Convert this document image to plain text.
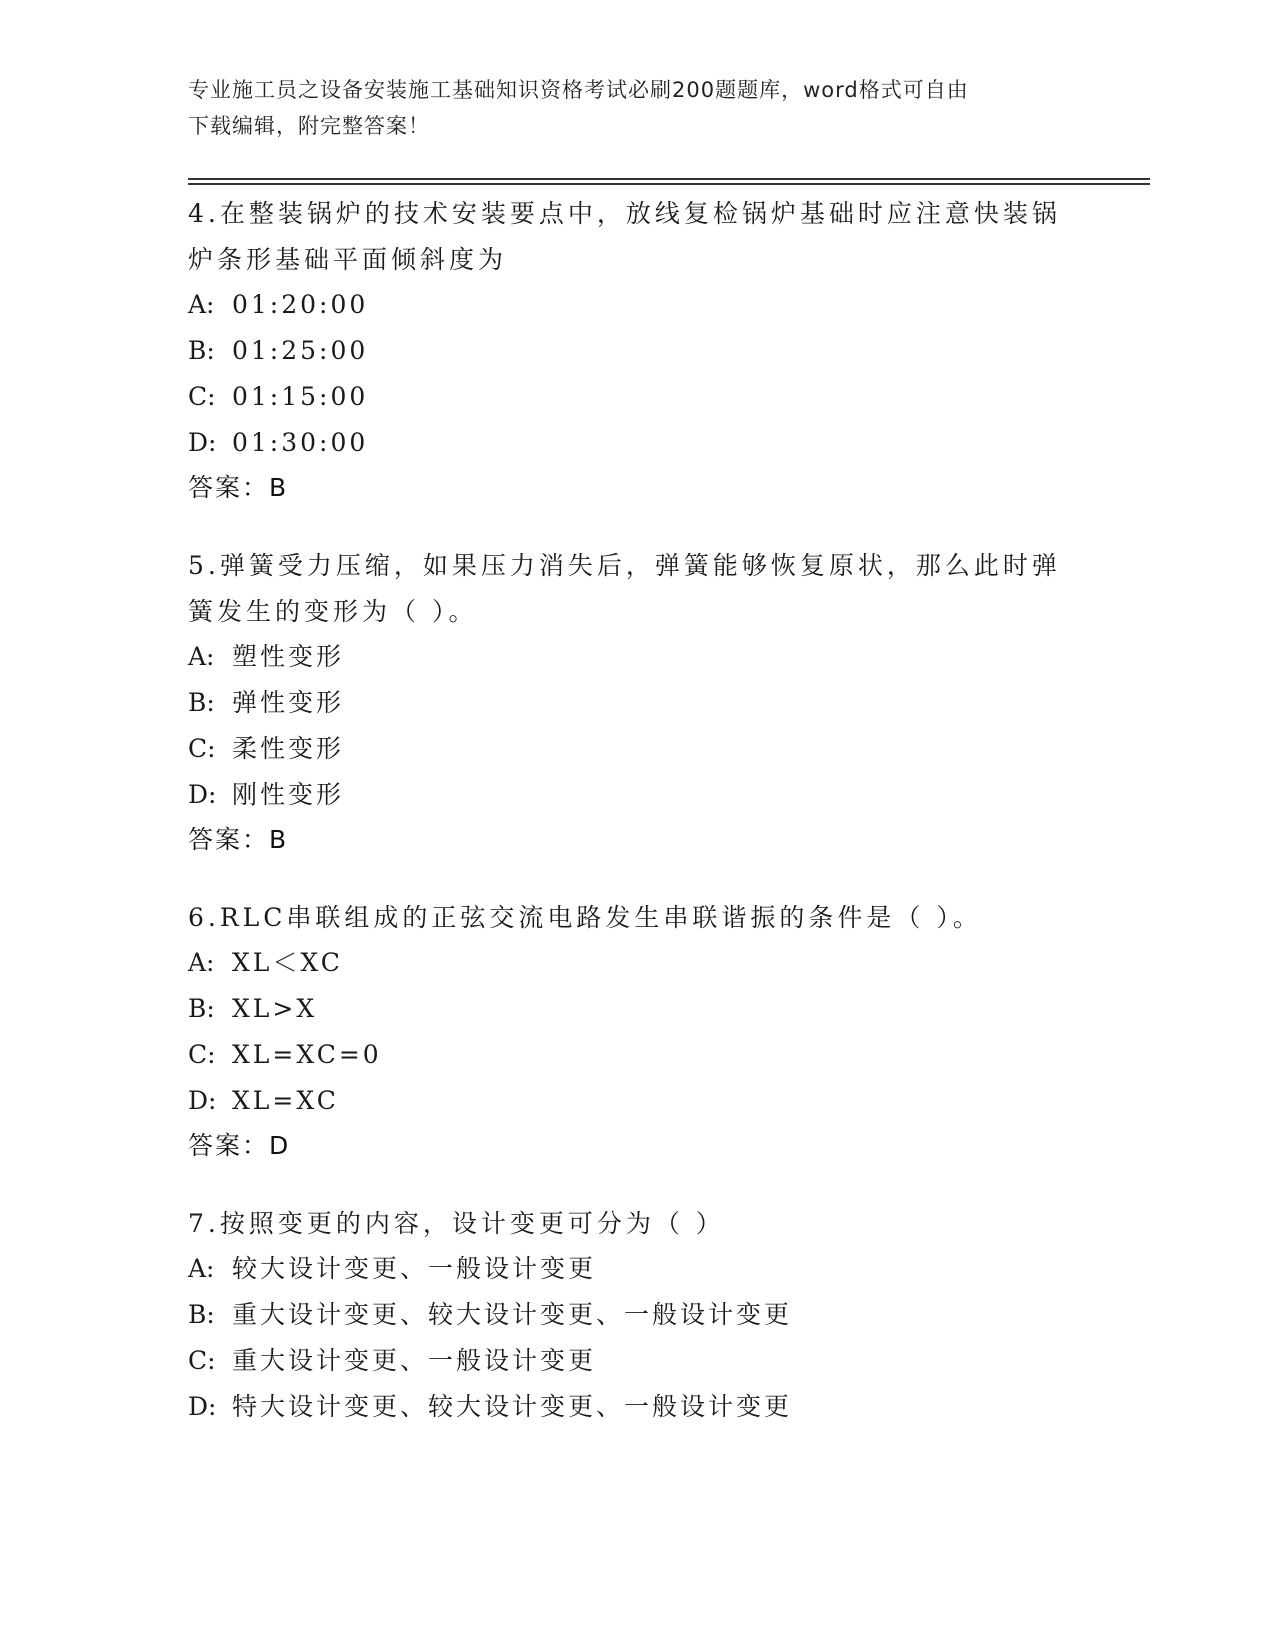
专业施工员之设备安装施工基础知识资格考试必刷200题题库，word格式可自由
下载编辑，附完整答案！

4.在整装锅炉的技术安装要点中，放线复检锅炉基础时应注意快装锅

炉条形基础平面倾斜度为

A: 01:20:00

B: 01:25:00

C: 01:15:00

D: 01:30:00

答案：B

5.弹簧受力压缩，如果压力消失后，弹簧能够恢复原状，那么此时弹

簧发生的变形为（ ）。

A: 塑性变形

B: 弹性变形

C: 柔性变形

D: 刚性变形

答案：B

6.RLC串联组成的正弦交流电路发生串联谐振的条件是（ ）。

A: XL＜XC

B: XL>X

C: XL=XC=0

D: XL=XC

答案：D

7.按照变更的内容，设计变更可分为（ ）

A: 较大设计变更、一般设计变更

B: 重大设计变更、较大设计变更、一般设计变更

C: 重大设计变更、一般设计变更

D: 特大设计变更、较大设计变更、一般设计变更
